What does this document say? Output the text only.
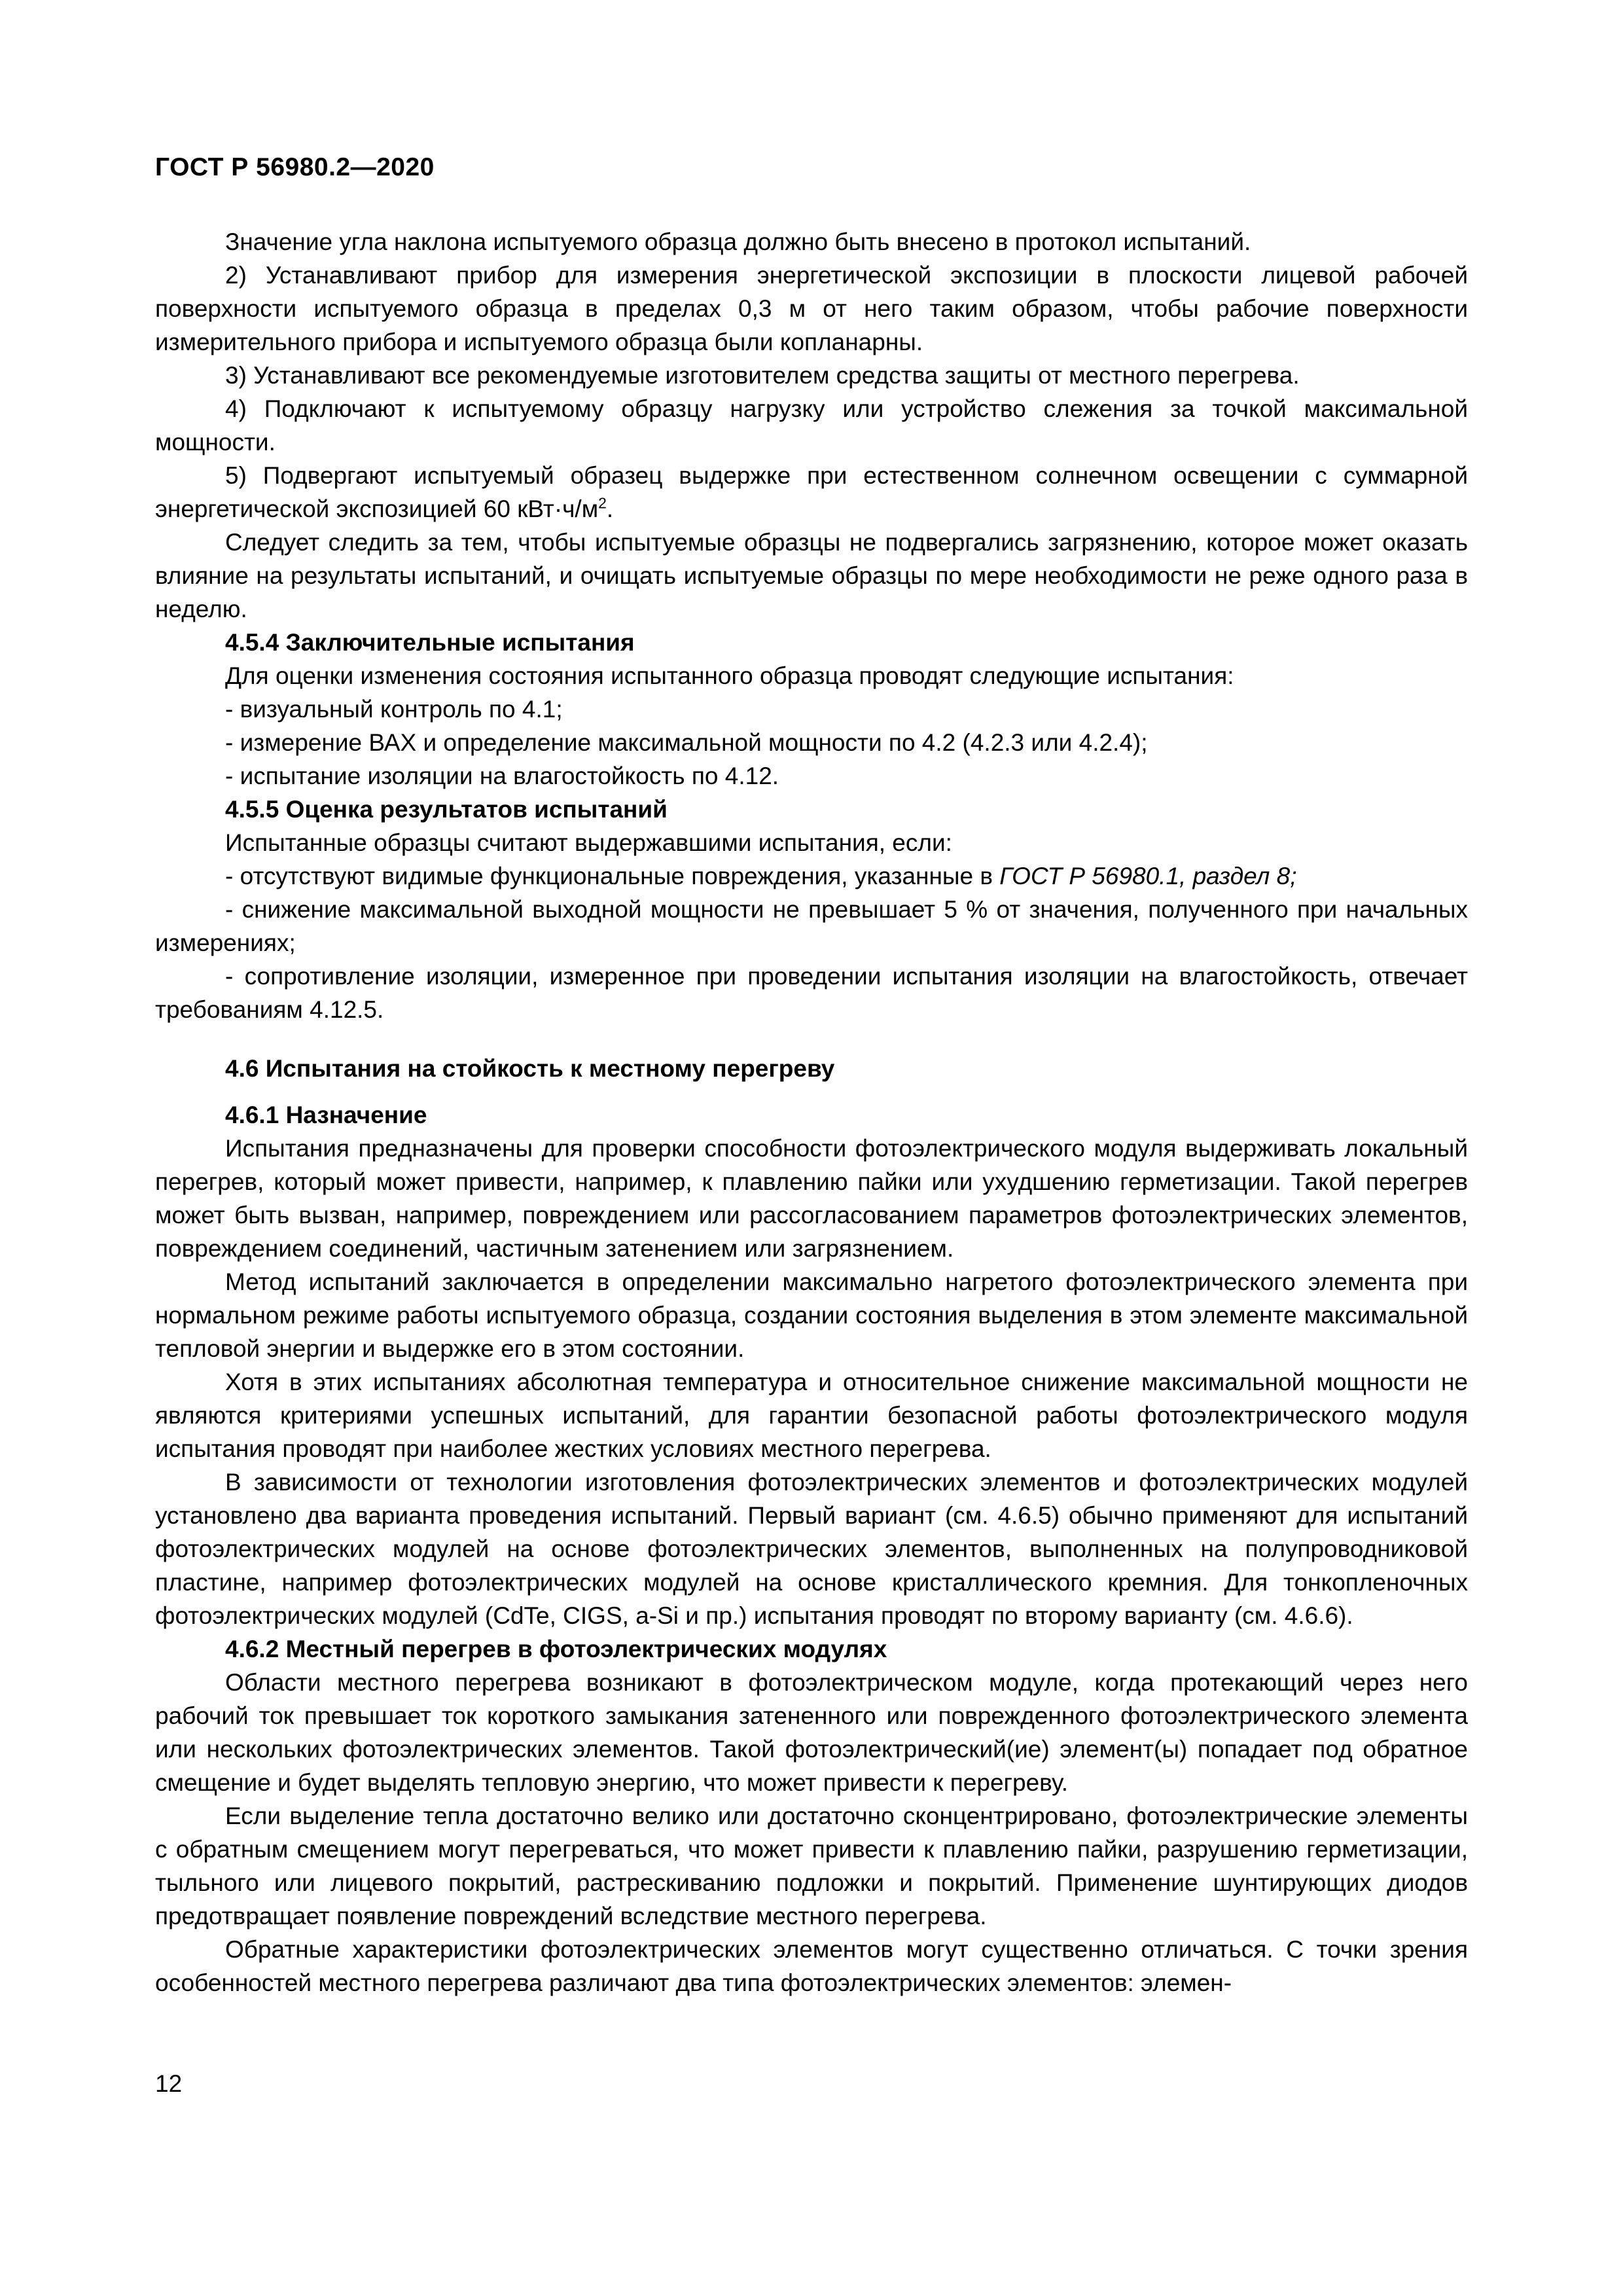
ГОСТ Р 56980.2—2020

Значение угла наклона испытуемого образца должно быть внесено в протокол испытаний.

2) Устанавливают прибор для измерения энергетической экспозиции в плоскости лицевой рабочей поверхности испытуемого образца в пределах 0,3 м от него таким образом, чтобы рабочие поверхности измерительного прибора и испытуемого образца были копланарны.

3) Устанавливают все рекомендуемые изготовителем средства защиты от местного перегрева.

4) Подключают к испытуемому образцу нагрузку или устройство слежения за точкой максимальной мощности.

5) Подвергают испытуемый образец выдержке при естественном солнечном освещении с суммарной энергетической экспозицией 60 $кВт\cdot ч/м^2$.

Следует следить за тем, чтобы испытуемые образцы не подвергались загрязнению, которое может оказать влияние на результаты испытаний, и очищать испытуемые образцы по мере необходимости не реже одного раза в неделю.

4.5.4 Заключительные испытания

Для оценки изменения состояния испытанного образца проводят следующие испытания:

- визуальный контроль по 4.1;
- измерение ВАХ и определение максимальной мощности по 4.2 (4.2.3 или 4.2.4);
- испытание изоляции на влагостойкость по 4.12.
4.5.5 Оценка результатов испытаний

Испытанные образцы считают выдержавшими испытания, если:

- отсутствуют видимые функциональные повреждения, указанные в ГОСТ Р 56980.1, раздел 8;
- снижение максимальной выходной мощности не превышает 5 % от значения, полученного при начальных измерениях;
- сопротивление изоляции, измеренное при проведении испытания изоляции на влагостойкость, отвечает требованиям 4.12.5.
4.6 Испытания на стойкость к местному перегреву
4.6.1 Назначение

Испытания предназначены для проверки способности фотоэлектрического модуля выдерживать локальный перегрев, который может привести, например, к плавлению пайки или ухудшению герметизации. Такой перегрев может быть вызван, например, повреждением или рассогласованием параметров фотоэлектрических элементов, повреждением соединений, частичным затенением или загрязнением.

Метод испытаний заключается в определении максимально нагретого фотоэлектрического элемента при нормальном режиме работы испытуемого образца, создании состояния выделения в этом элементе максимальной тепловой энергии и выдержке его в этом состоянии.

Хотя в этих испытаниях абсолютная температура и относительное снижение максимальной мощности не являются критериями успешных испытаний, для гарантии безопасной работы фотоэлектрического модуля испытания проводят при наиболее жестких условиях местного перегрева.

В зависимости от технологии изготовления фотоэлектрических элементов и фотоэлектрических модулей установлено два варианта проведения испытаний. Первый вариант (см. 4.6.5) обычно применяют для испытаний фотоэлектрических модулей на основе фотоэлектрических элементов, выполненных на полупроводниковой пластине, например фотоэлектрических модулей на основе кристаллического кремния. Для тонкопленочных фотоэлектрических модулей (CdTe, CIGS, a-Si и пр.) испытания проводят по второму варианту (см. 4.6.6).

4.6.2 Местный перегрев в фотоэлектрических модулях

Области местного перегрева возникают в фотоэлектрическом модуле, когда протекающий через него рабочий ток превышает ток короткого замыкания затененного или поврежденного фотоэлектрического элемента или нескольких фотоэлектрических элементов. Такой фотоэлектрический(ие) элемент(ы) попадает под обратное смещение и будет выделять тепловую энергию, что может привести к перегреву.

Если выделение тепла достаточно велико или достаточно сконцентрировано, фотоэлектрические элементы с обратным смещением могут перегреваться, что может привести к плавлению пайки, разрушению герметизации, тыльного или лицевого покрытий, растрескиванию подложки и покрытий. Применение шунтирующих диодов предотвращает появление повреждений вследствие местного перегрева.

Обратные характеристики фотоэлектрических элементов могут существенно отличаться. С точки зрения особенностей местного перегрева различают два типа фотоэлектрических элементов: элемен-

12
